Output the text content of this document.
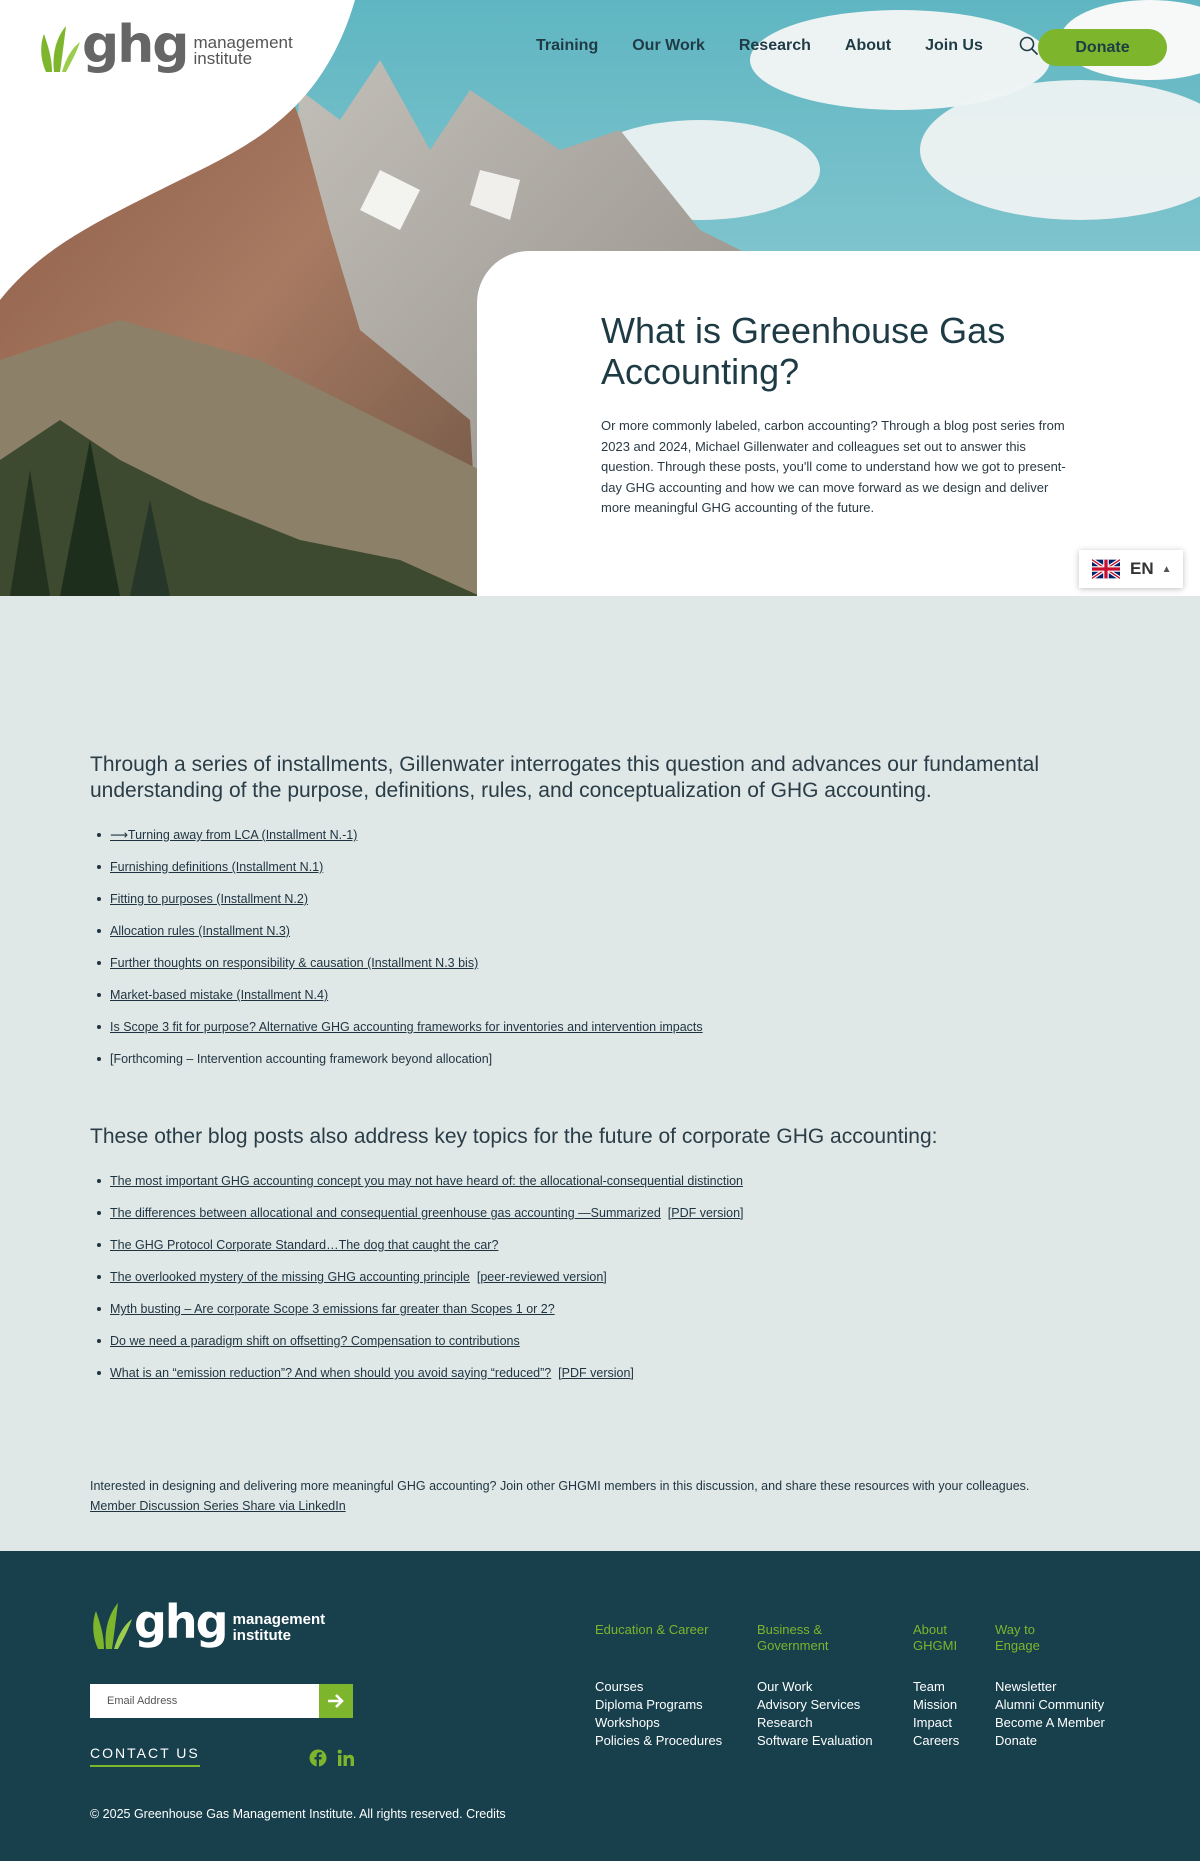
ghg management
institute
Training Our Work Research About Join Us	Donate
What is Greenhouse Gas Accounting?

Or more commonly labeled, carbon accounting? Through a blog post series from 2023 and 2024, Michael Gillenwater and colleagues set out to answer this question. Through these posts, you'll come to understand how we got to present-day GHG accounting and how we can move forward as we design and deliver more meaningful GHG accounting of the future.

EN ▲

Through a series of installments, Gillenwater interrogates this question and advances our fundamental understanding of the purpose, definitions, rules, and conceptualization of GHG accounting.

⟶Turning away from LCA (Installment N.-1)
Furnishing definitions (Installment N.1)
Fitting to purposes (Installment N.2)
Allocation rules (Installment N.3)
Further thoughts on responsibility & causation (Installment N.3 bis)
Market-based mistake (Installment N.4)
Is Scope 3 fit for purpose? Alternative GHG accounting frameworks for inventories and intervention impacts
[Forthcoming – Intervention accounting framework beyond allocation]

These other blog posts also address key topics for the future of corporate GHG accounting:

The most important GHG accounting concept you may not have heard of: the allocational-consequential distinction
The differences between allocational and consequential greenhouse gas accounting —Summarized  [PDF version]
The GHG Protocol Corporate Standard…The dog that caught the car?
The overlooked mystery of the missing GHG accounting principle  [peer-reviewed version]
Myth busting – Are corporate Scope 3 emissions far greater than Scopes 1 or 2?
Do we need a paradigm shift on offsetting? Compensation to contributions
What is an “emission reduction”? And when should you avoid saying “reduced”?  [PDF version]

Interested in designing and delivering more meaningful GHG accounting? Join other GHGMI members in this discussion, and share these resources with your colleagues.

Member Discussion Series Share via LinkedIn
ghg management
institute
Email Address
CONTACT US
Education & Career
Courses
Diploma Programs
Workshops
Policies & Procedures
Business & Government
Our Work
Advisory Services
Research
Software Evaluation
About GHGMI
Team
Mission
Impact
Careers
Way to Engage
Newsletter
Alumni Community
Become A Member
Donate
© 2025 Greenhouse Gas Management Institute. All rights reserved. Credits
